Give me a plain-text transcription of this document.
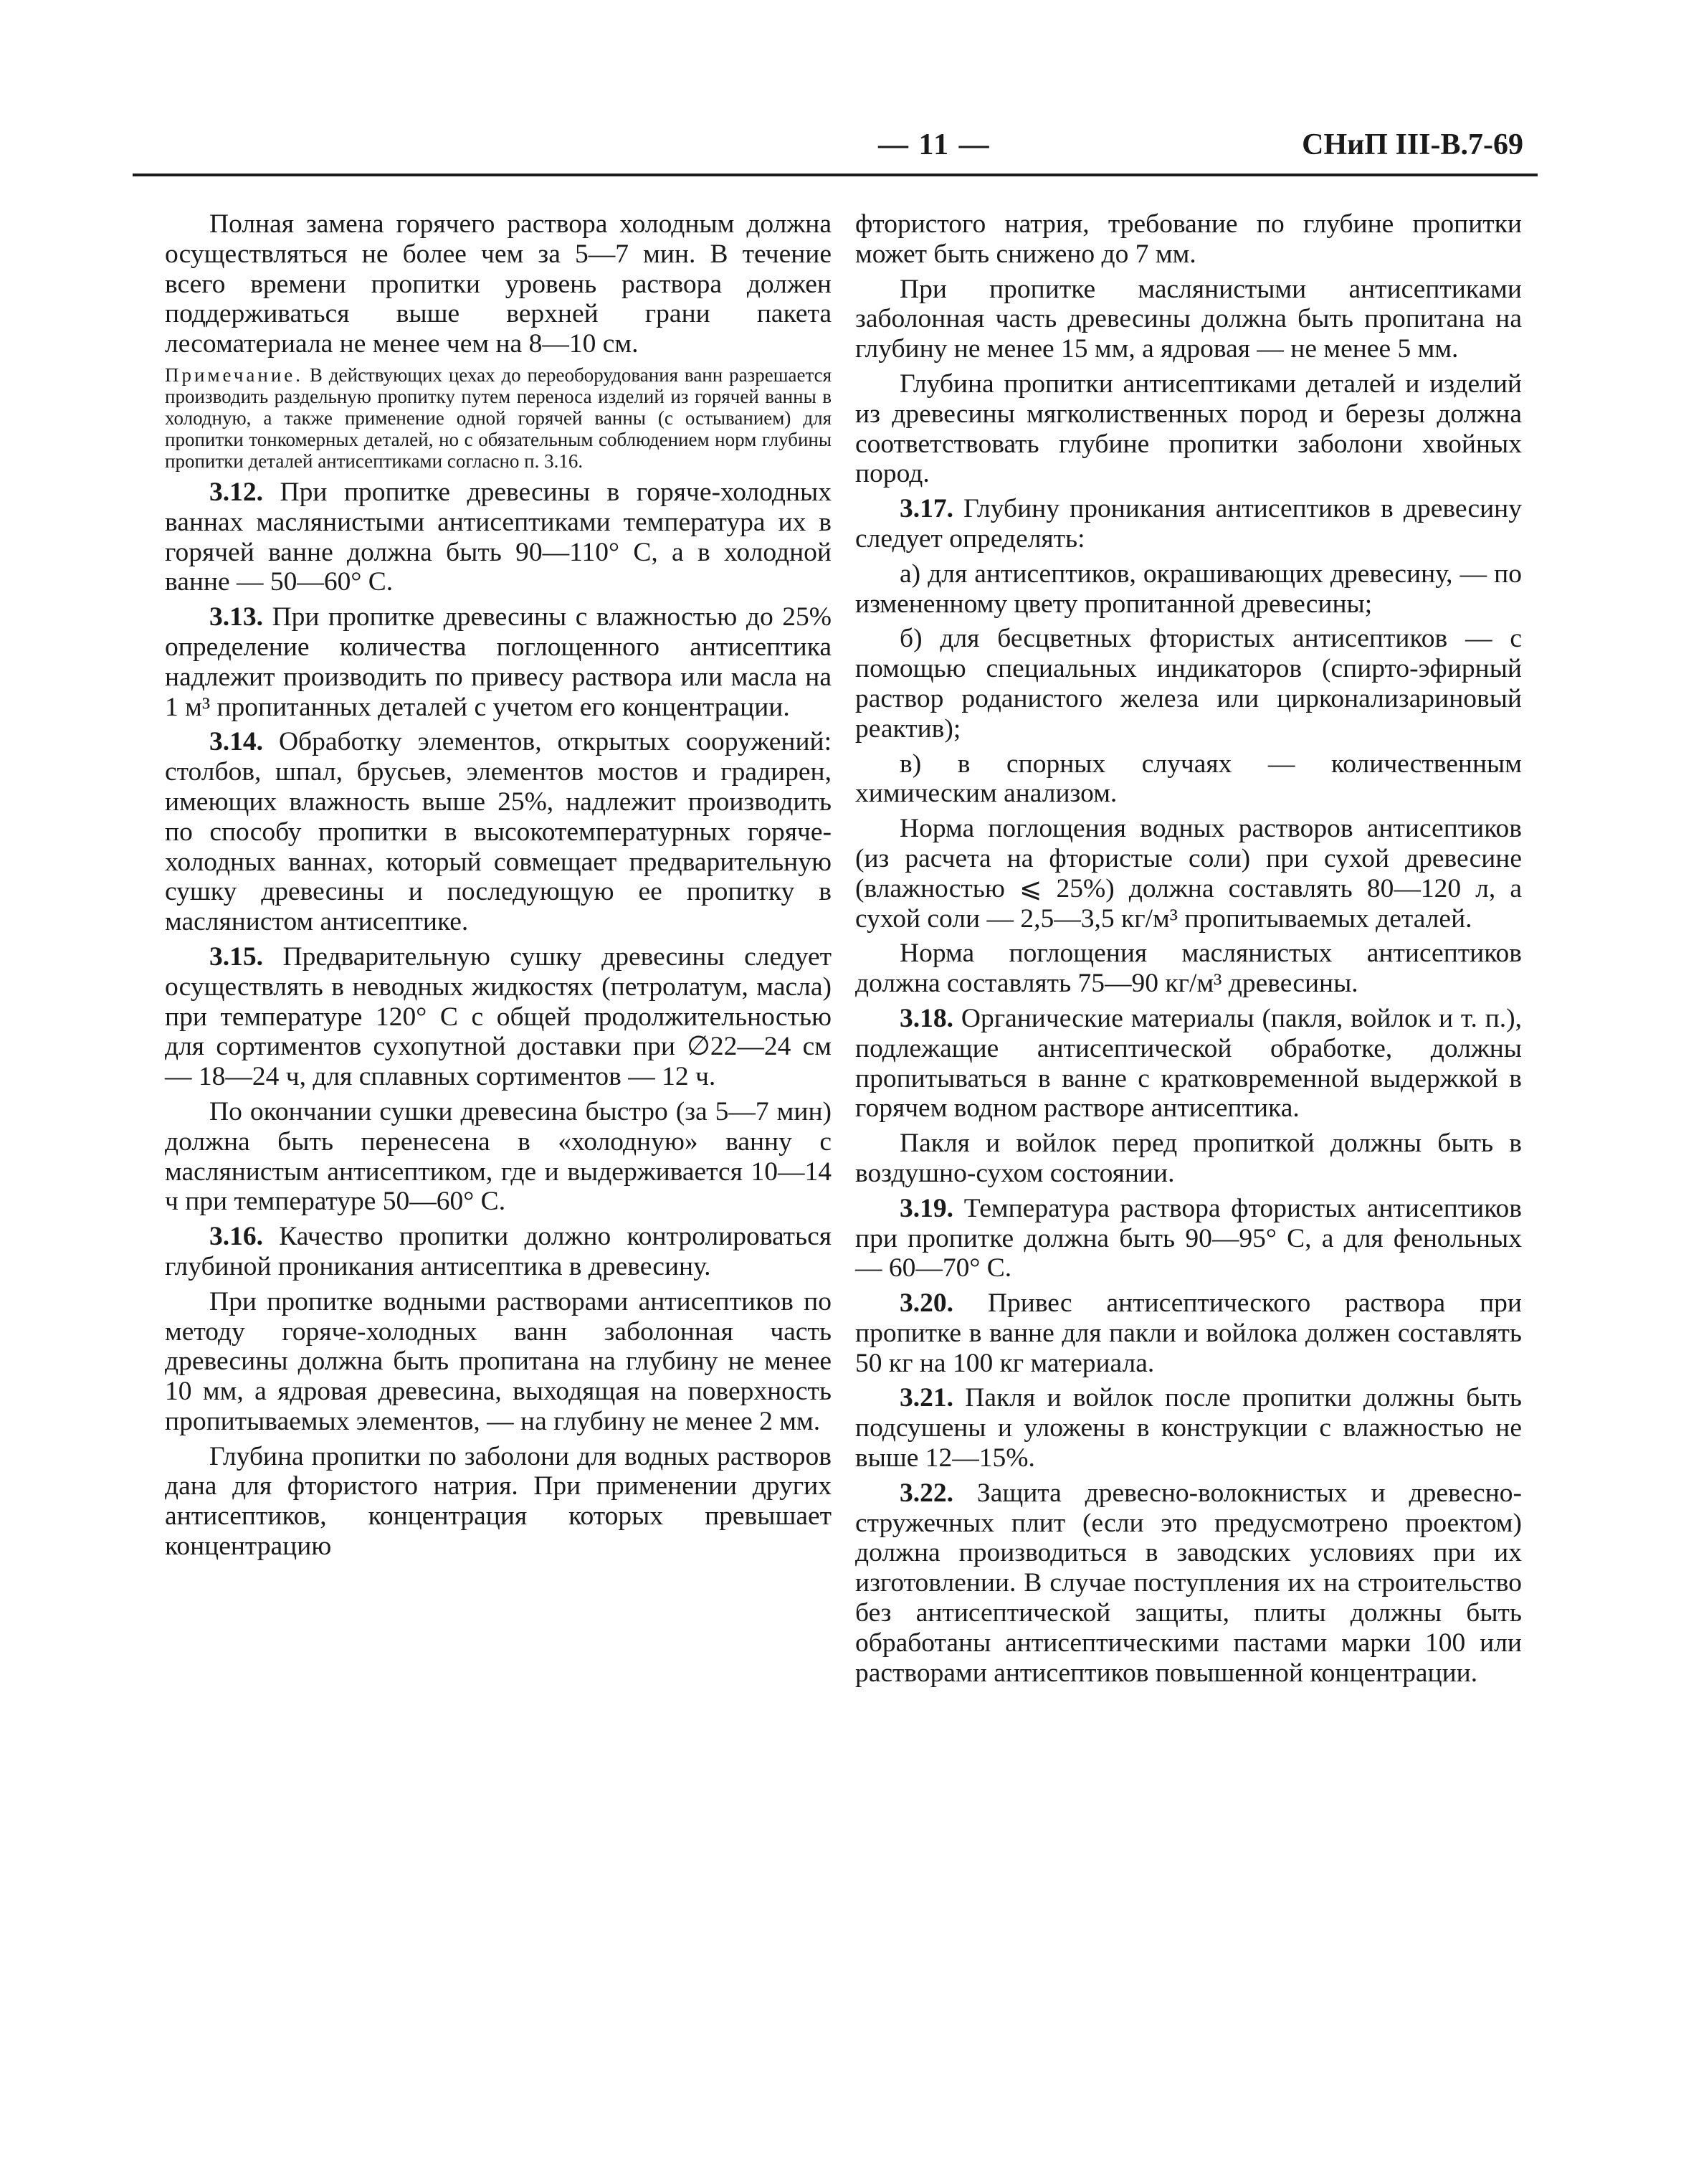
— 11 —	СНиП III-В.7-69

Полная замена горячего раствора холодным должна осуществляться не более чем за 5—7 мин. В течение всего времени пропитки уровень раствора должен поддерживаться выше верхней грани пакета лесоматериала не менее чем на 8—10 см.

Примечание. В действующих цехах до переоборудования ванн разрешается производить раздельную пропитку путем переноса изделий из горячей ванны в холодную, а также применение одной горячей ванны (с остыванием) для пропитки тонкомерных деталей, но с обязательным соблюдением норм глубины пропитки деталей антисептиками согласно п. 3.16.

3.12. При пропитке древесины в горяче-холодных ваннах маслянистыми антисептиками температура их в горячей ванне должна быть 90—110° С, а в холодной ванне — 50—60° С.

3.13. При пропитке древесины с влажностью до 25% определение количества поглощенного антисептика надлежит производить по привесу раствора или масла на 1 м³ пропитанных деталей с учетом его концентрации.

3.14. Обработку элементов, открытых сооружений: столбов, шпал, брусьев, элементов мостов и градирен, имеющих влажность выше 25%, надлежит производить по способу пропитки в высокотемпературных горяче-холодных ваннах, который совмещает предварительную сушку древесины и последующую ее пропитку в маслянистом антисептике.

3.15. Предварительную сушку древесины следует осуществлять в неводных жидкостях (петролатум, масла) при температуре 120° С с общей продолжительностью для сортиментов сухопутной доставки при ∅22—24 см — 18—24 ч, для сплавных сортиментов — 12 ч.

По окончании сушки древесина быстро (за 5—7 мин) должна быть перенесена в «холодную» ванну с маслянистым антисептиком, где и выдерживается 10—14 ч при температуре 50—60° С.

3.16. Качество пропитки должно контролироваться глубиной проникания антисептика в древесину.

При пропитке водными растворами антисептиков по методу горяче-холодных ванн заболонная часть древесины должна быть пропитана на глубину не менее 10 мм, а ядровая древесина, выходящая на поверхность пропитываемых элементов, — на глубину не менее 2 мм.

Глубина пропитки по заболони для водных растворов дана для фтористого натрия. При применении других антисептиков, концентрация которых превышает концентрацию

фтористого натрия, требование по глубине пропитки может быть снижено до 7 мм.

При пропитке маслянистыми антисептиками заболонная часть древесины должна быть пропитана на глубину не менее 15 мм, а ядровая — не менее 5 мм.

Глубина пропитки антисептиками деталей и изделий из древесины мягколиственных пород и березы должна соответствовать глубине пропитки заболони хвойных пород.

3.17. Глубину проникания антисептиков в древесину следует определять:

а) для антисептиков, окрашивающих древесину, — по измененному цвету пропитанной древесины;

б) для бесцветных фтористых антисептиков — с помощью специальных индикаторов (спирто-эфирный раствор роданистого железа или цирконализариновый реактив);

в) в спорных случаях — количественным химическим анализом.

Норма поглощения водных растворов антисептиков (из расчета на фтористые соли) при сухой древесине (влажностью ⩽ 25%) должна составлять 80—120 л, а сухой соли — 2,5—3,5 кг/м³ пропитываемых деталей.

Норма поглощения маслянистых антисептиков должна составлять 75—90 кг/м³ древесины.

3.18. Органические материалы (пакля, войлок и т. п.), подлежащие антисептической обработке, должны пропитываться в ванне с кратковременной выдержкой в горячем водном растворе антисептика.

Пакля и войлок перед пропиткой должны быть в воздушно-сухом состоянии.

3.19. Температура раствора фтористых антисептиков при пропитке должна быть 90—95° С, а для фенольных — 60—70° С.

3.20. Привес антисептического раствора при пропитке в ванне для пакли и войлока должен составлять 50 кг на 100 кг материала.

3.21. Пакля и войлок после пропитки должны быть подсушены и уложены в конструкции с влажностью не выше 12—15%.

3.22. Защита древесно-волокнистых и древесно-стружечных плит (если это предусмотрено проектом) должна производиться в заводских условиях при их изготовлении. В случае поступления их на строительство без антисептической защиты, плиты должны быть обработаны антисептическими пастами марки 100 или растворами антисептиков повышенной концентрации.
